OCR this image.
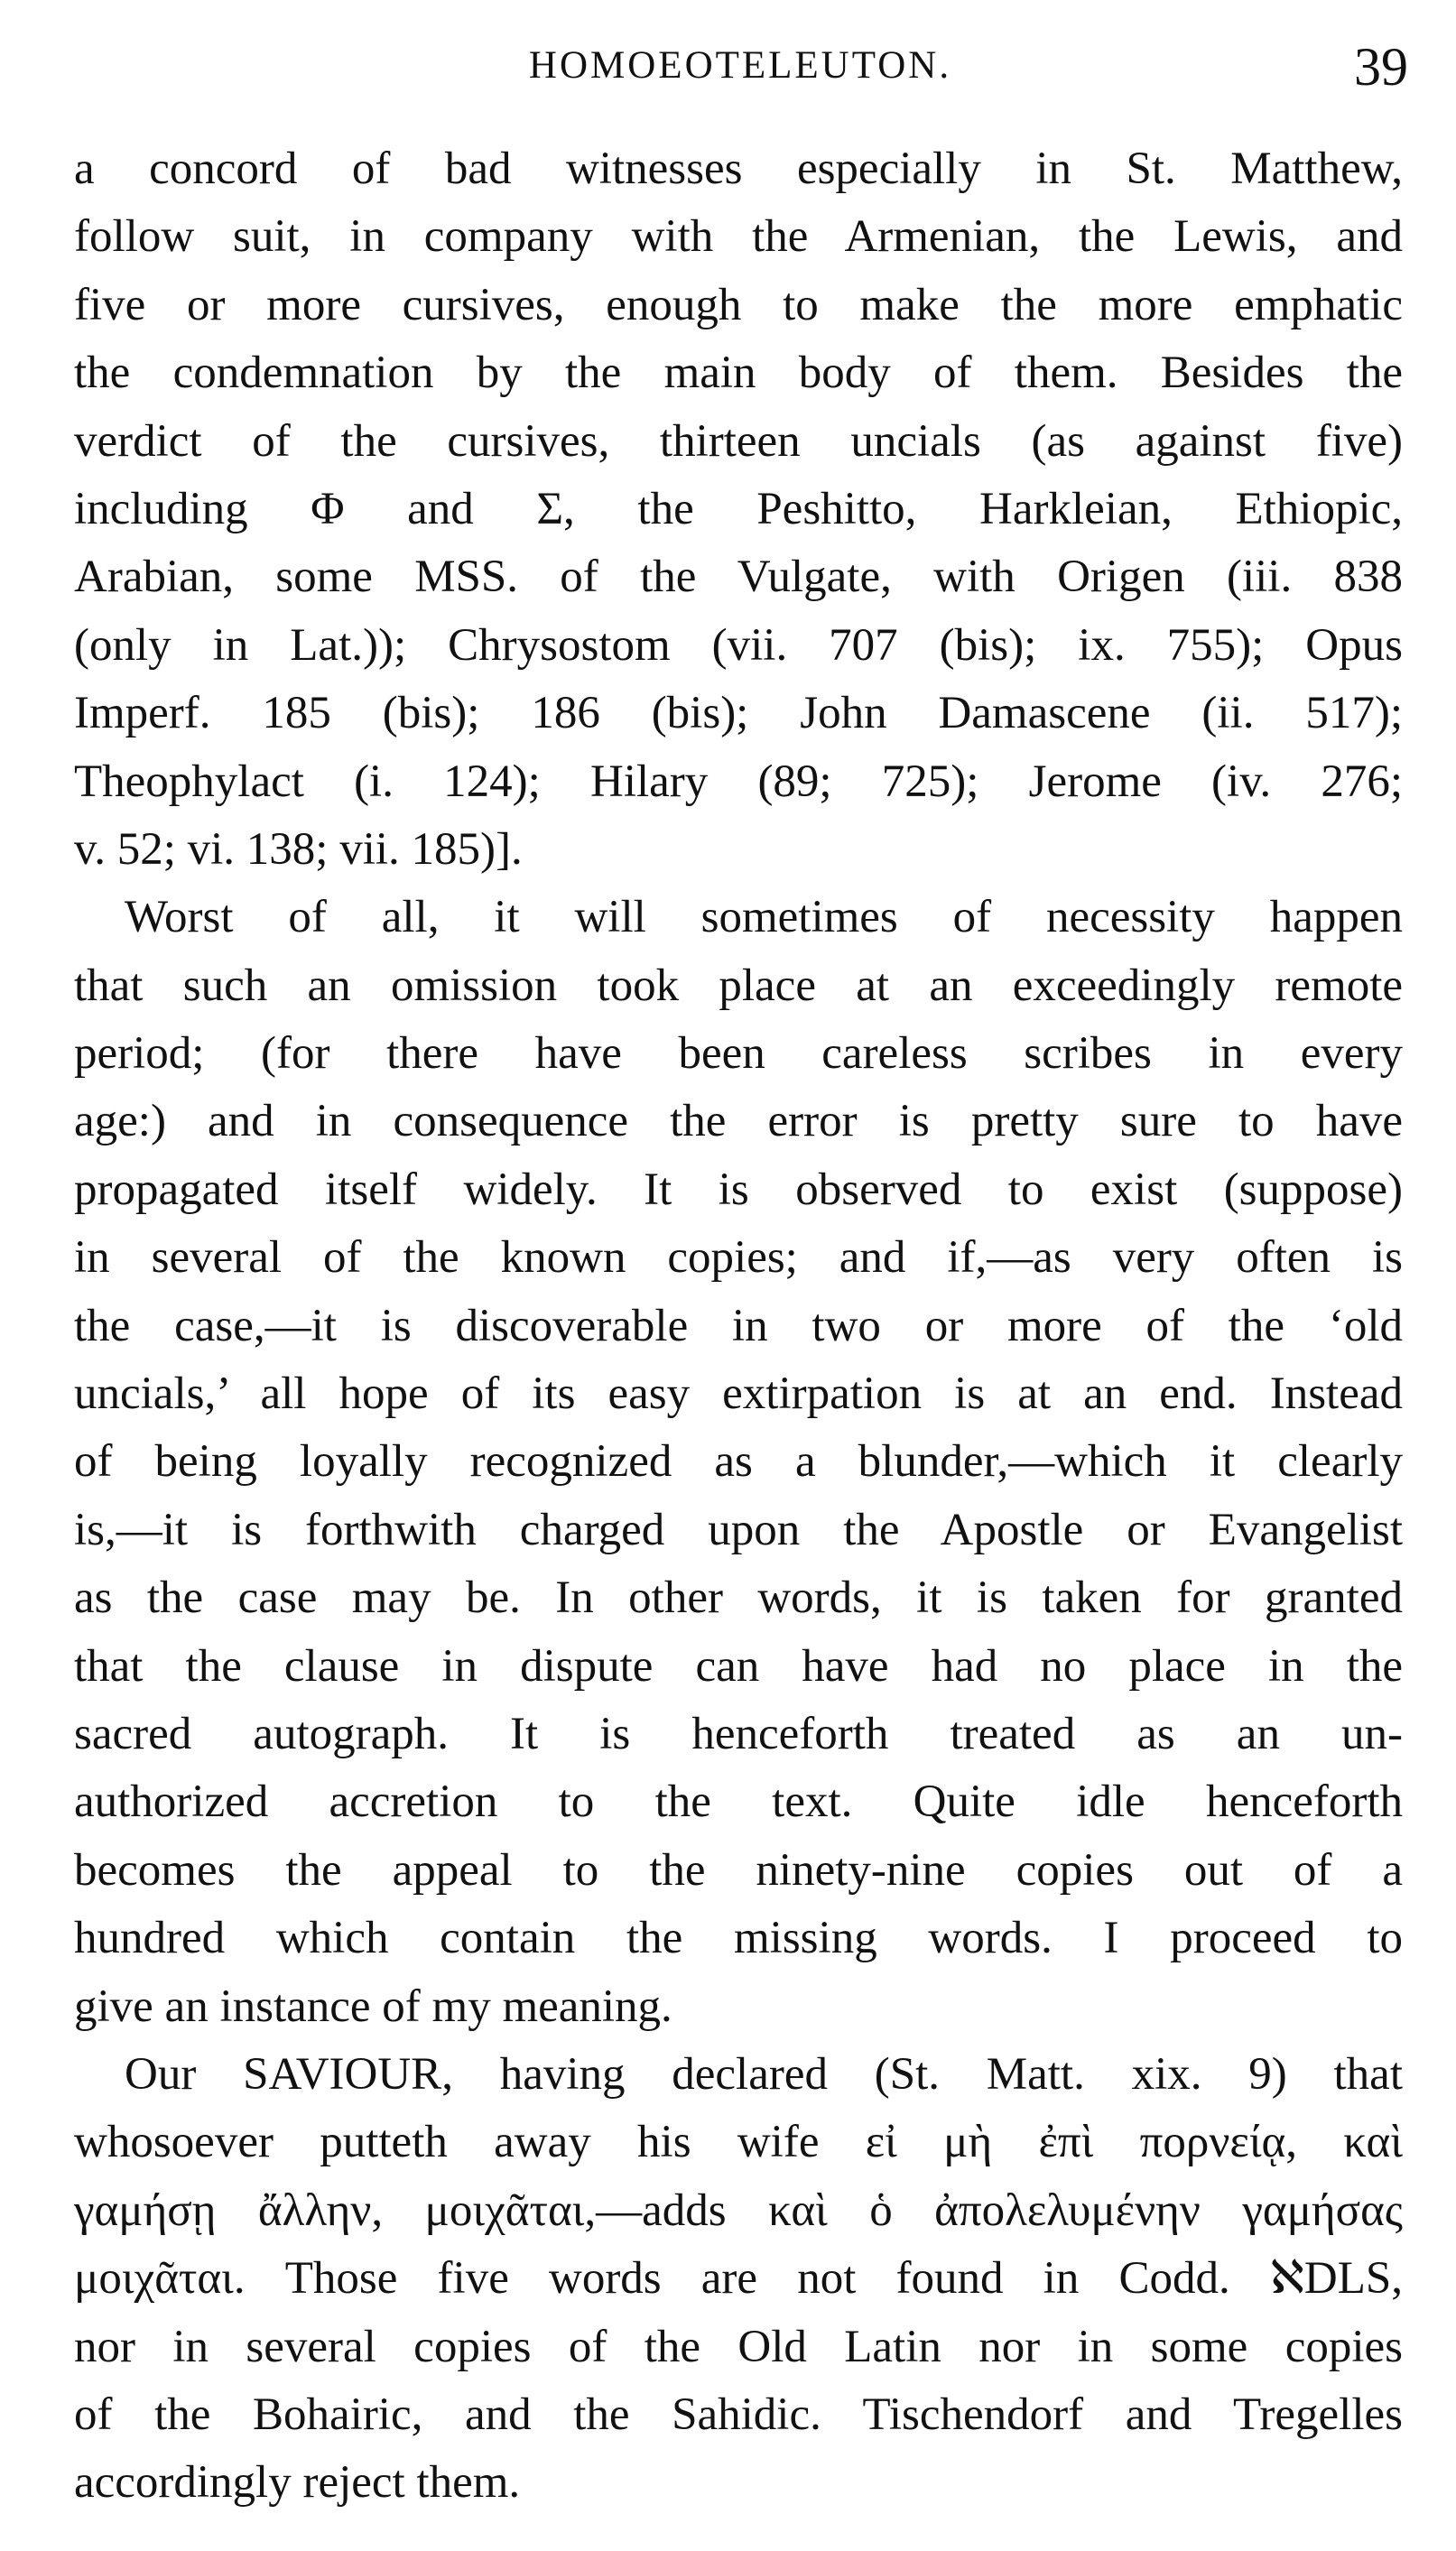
HOMOEOTELEUTON.	39
a concord of bad witnesses especially in St. Matthew,
follow suit, in company with the Armenian, the Lewis, and
five or more cursives, enough to make the more emphatic
the condemnation by the main body of them. Besides the
verdict of the cursives, thirteen uncials (as against five)
including Φ and Σ, the Peshitto, Harkleian, Ethiopic,
Arabian, some MSS. of the Vulgate, with Origen (iii. 838
(only in Lat.)); Chrysostom (vii. 707 (bis); ix. 755); Opus
Imperf. 185 (bis); 186 (bis); John Damascene (ii. 517);
Theophylact (i. 124); Hilary (89; 725); Jerome (iv. 276;
v. 52; vi. 138; vii. 185)].
Worst of all, it will sometimes of necessity happen
that such an omission took place at an exceedingly remote
period; (for there have been careless scribes in every
age:) and in consequence the error is pretty sure to have
propagated itself widely. It is observed to exist (suppose)
in several of the known copies; and if,—as very often is
the case,—it is discoverable in two or more of the ‘old
uncials,’ all hope of its easy extirpation is at an end. Instead
of being loyally recognized as a blunder,—which it clearly
is,—it is forthwith charged upon the Apostle or Evangelist
as the case may be. In other words, it is taken for granted
that the clause in dispute can have had no place in the
sacred autograph. It is henceforth treated as an un-
authorized accretion to the text. Quite idle henceforth
becomes the appeal to the ninety-nine copies out of a
hundred which contain the missing words. I proceed to
give an instance of my meaning.
Our SAVIOUR, having declared (St. Matt. xix. 9) that
whosoever putteth away his wife εἰ μὴ ἐπὶ πορνείᾳ, καὶ
γαμήσῃ ἄλλην, μοιχᾶται,—adds καὶ ὁ ἀπολελυμένην γαμήσας
μοιχᾶται. Those five words are not found in Codd. ℵDLS,
nor in several copies of the Old Latin nor in some copies
of the Bohairic, and the Sahidic. Tischendorf and Tregelles
accordingly reject them.
